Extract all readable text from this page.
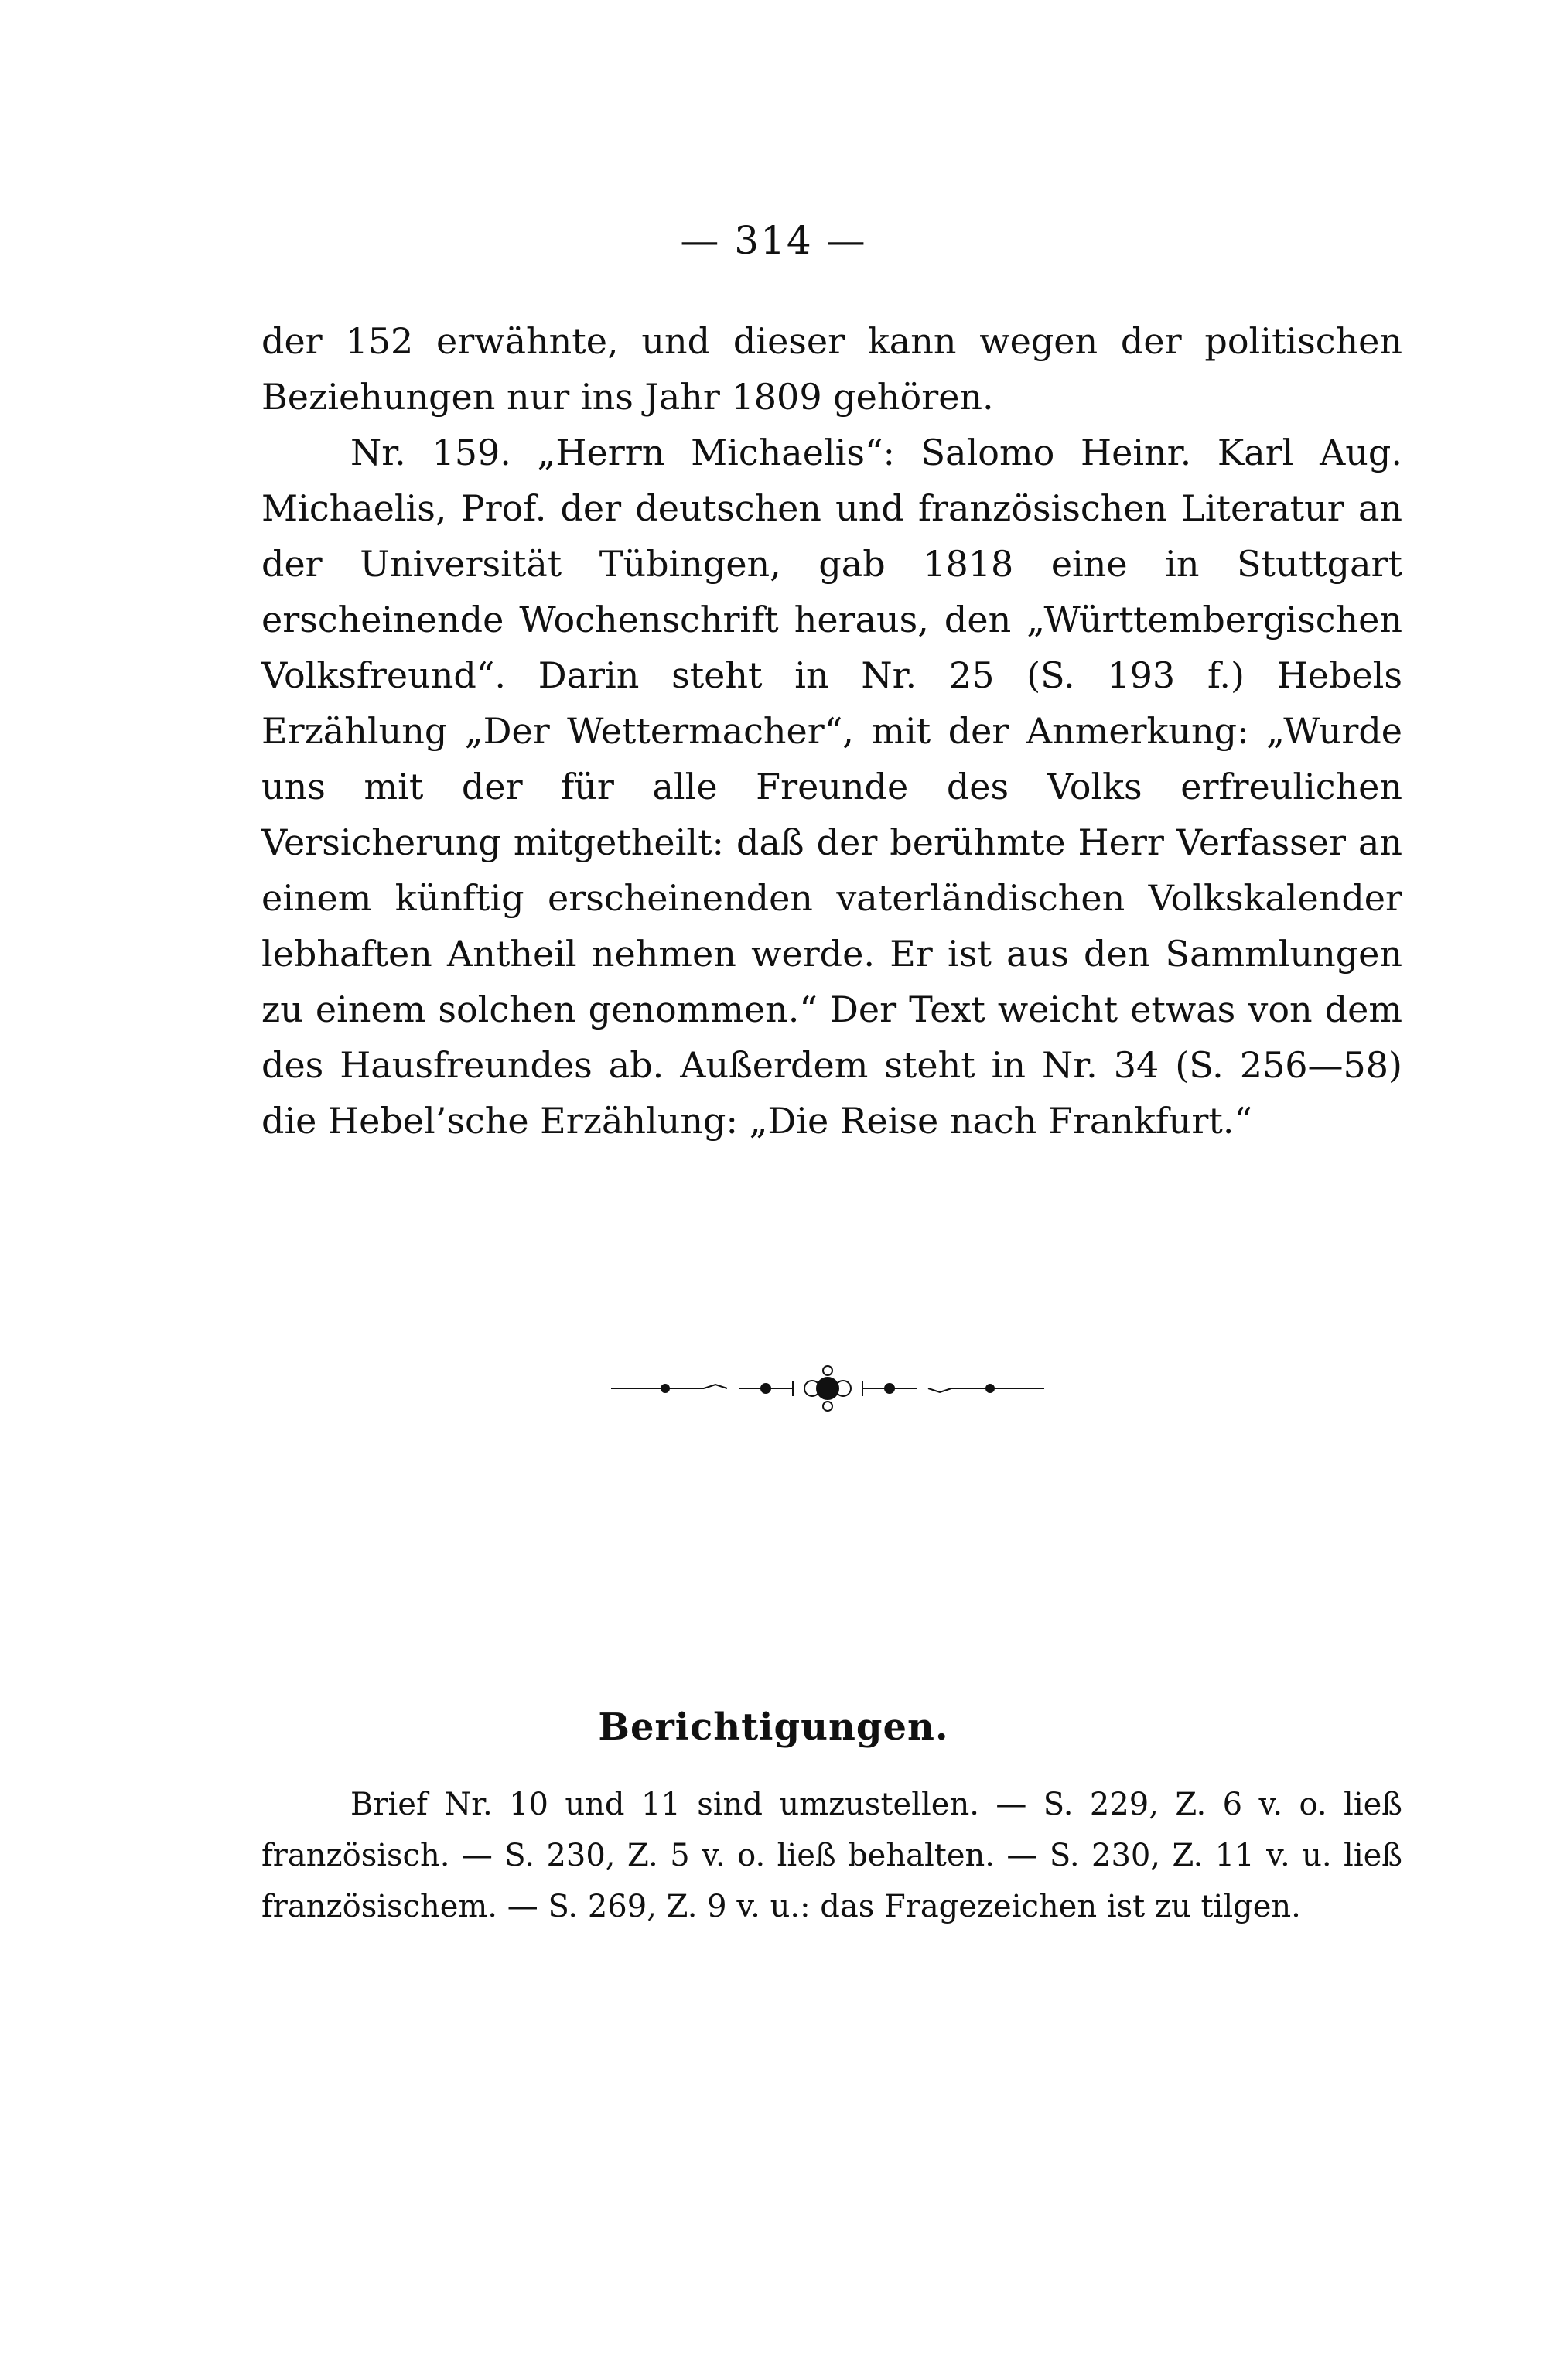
— 314 —

der 152 erwähnte, und dieser kann wegen der politischen Beziehungen nur ins Jahr 1809 gehören.

Nr. 159. „Herrn Michaelis“: Salomo Heinr. Karl Aug. Michaelis, Prof. der deutschen und französischen Literatur an der Universität Tübingen, gab 1818 eine in Stuttgart erscheinende Wochenschrift heraus, den „Württembergischen Volksfreund“. Darin steht in Nr. 25 (S. 193 f.) Hebels Erzählung „Der Wettermacher“, mit der Anmerkung: „Wurde uns mit der für alle Freunde des Volks erfreulichen Versicherung mitgetheilt: daß der berühmte Herr Verfasser an einem künftig erscheinenden vaterländischen Volkskalender lebhaften Antheil nehmen werde. Er ist aus den Sammlungen zu einem solchen genommen.“ Der Text weicht etwas von dem des Hausfreundes ab. Außerdem steht in Nr. 34 (S. 256—58) die Hebel’sche Erzählung: „Die Reise nach Frankfurt.“

Berichtigungen.

Brief Nr. 10 und 11 sind umzustellen. — S. 229, Z. 6 v. o. ließ französisch. — S. 230, Z. 5 v. o. ließ behalten. — S. 230, Z. 11 v. u. ließ französischem. — S. 269, Z. 9 v. u.: das Fragezeichen ist zu tilgen.
